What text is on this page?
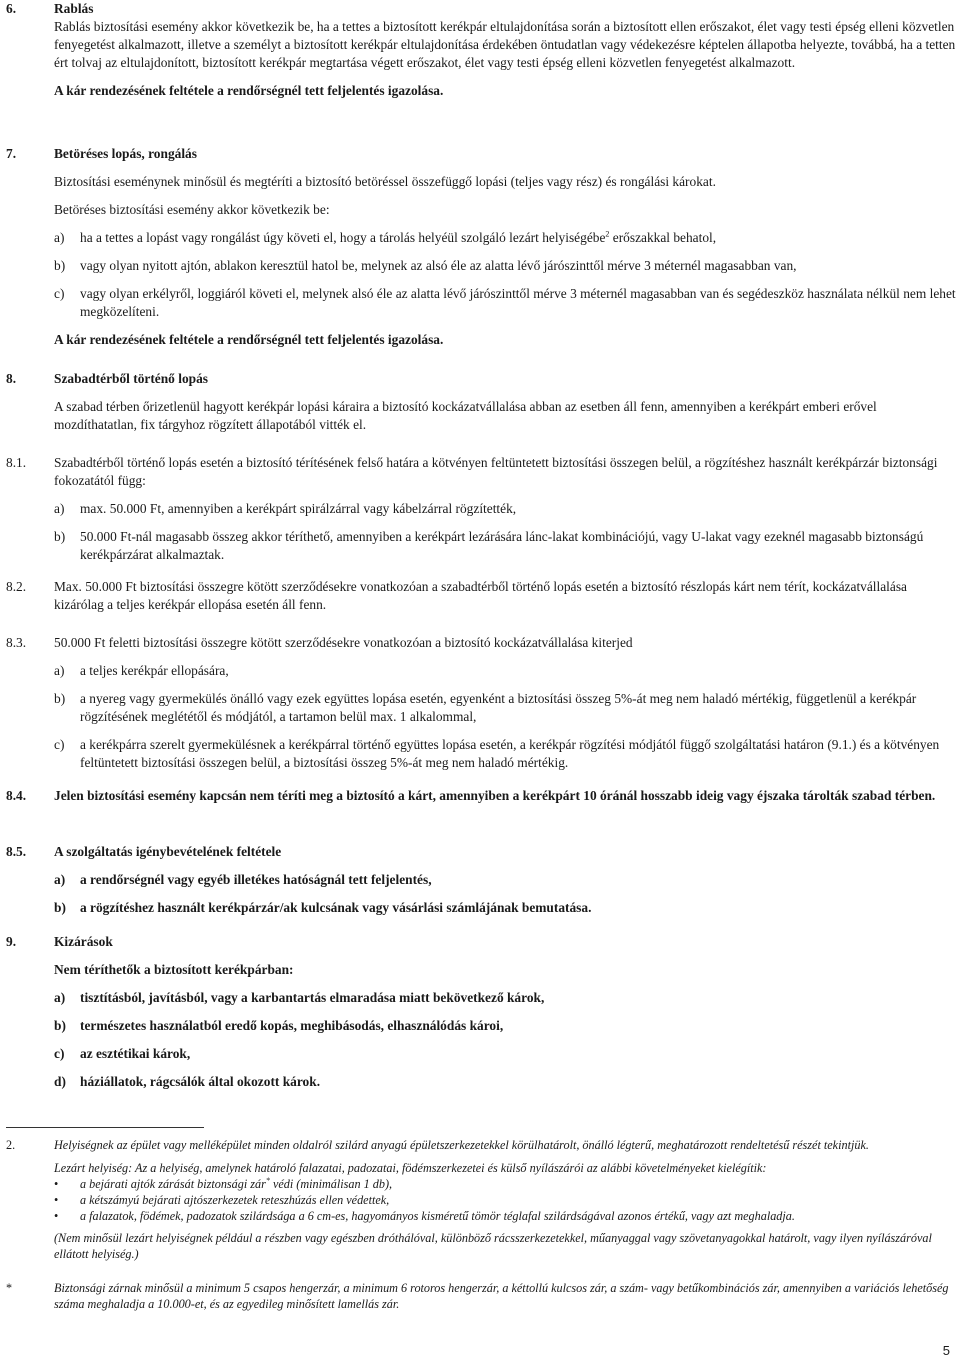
6.	Rablás

Rablás biztosítási esemény akkor következik be, ha a tettes a biztosított kerékpár eltulajdonítása során a biztosított ellen erőszakot, élet vagy testi épség elleni közvetlen fenyegetést alkalmazott, illetve a személyt a biztosított kerékpár eltulajdonítása érdekében öntudatlan vagy védekezésre képtelen állapotba helyezte, továbbá, ha a tetten ért tolvaj az eltulajdonított, biztosított kerékpár megtartása végett erőszakot, élet vagy testi épség elleni közvetlen fenyegetést alkalmazott.

A kár rendezésének feltétele a rendőrségnél tett feljelentés igazolása.
7.	Betöréses lopás, rongálás

Biztosítási eseménynek minősül és megtéríti a biztosító betöréssel összefüggő lopási (teljes vagy rész) és rongálási károkat.

Betöréses biztosítási esemény akkor következik be:

a)	ha a tettes a lopást vagy rongálást úgy követi el, hogy a tárolás helyéül szolgáló lezárt helyiségébe$^2$ erőszakkal behatol,
b)	vagy olyan nyitott ajtón, ablakon keresztül hatol be, melynek az alsó éle az alatta lévő járószinttől mérve 3 méternél magasabban van,
c)	vagy olyan erkélyről, loggiáról követi el, melynek alsó éle az alatta lévő járószinttől mérve 3 méternél magasabban van és segédeszköz használata nélkül nem lehet megközelíteni.
A kár rendezésének feltétele a rendőrségnél tett feljelentés igazolása.
8.	Szabadtérből történő lopás

A szabad térben őrizetlenül hagyott kerékpár lopási káraira a biztosító kockázatvállalása abban az esetben áll fenn, amennyiben a kerékpárt emberi erővel mozdíthatatlan, fix tárgyhoz rögzített állapotából vitték el.

8.1.	Szabadtérből történő lopás esetén a biztosító térítésének felső határa a kötvényen feltüntetett biztosítási összegen belül, a rögzítéshez használt kerékpárzár biztonsági fokozatától függ:

a)	max. 50.000 Ft, amennyiben a kerékpárt spirálzárral vagy kábelzárral rögzítették,
b)	50.000 Ft-nál magasabb összeg akkor téríthető, amennyiben a kerékpárt lezárására lánc-lakat kombinációjú, vagy U-lakat vagy ezeknél magasabb biztonságú kerékpárzárat alkalmaztak.
8.2.	Max. 50.000 Ft biztosítási összegre kötött szerződésekre vonatkozóan a szabadtérből történő lopás esetén a biztosító részlopás kárt nem térít, kockázatvállalása kizárólag a teljes kerékpár ellopása esetén áll fenn.

8.3.	50.000 Ft feletti biztosítási összegre kötött szerződésekre vonatkozóan a biztosító kockázatvállalása kiterjed

a)	a teljes kerékpár ellopására,
b)	a nyereg vagy gyermekülés önálló vagy ezek együttes lopása esetén, egyenként a biztosítási összeg 5%-át meg nem haladó mértékig, függetlenül a kerékpár rögzítésének meglététől és módjától, a tartamon belül max. 1 alkalommal,
c)	a kerékpárra szerelt gyermekülésnek a kerékpárral történő együttes lopása esetén, a kerékpár rögzítési módjától függő szolgáltatási határon (9.1.) és a kötvényen feltüntetett biztosítási összegen belül, a biztosítási összeg 5%-át meg nem haladó mértékig.
8.4.	Jelen biztosítási esemény kapcsán nem téríti meg a biztosító a kárt, amennyiben a kerékpárt 10 óránál hosszabb ideig vagy éjszaka tárolták szabad térben.

8.5.	A szolgáltatás igénybevételének feltétele
a)	a rendőrségnél vagy egyéb illetékes hatóságnál tett feljelentés,
b)	a rögzítéshez használt kerékpárzár/ak kulcsának vagy vásárlási számlájának bemutatása.
9.	Kizárások
Nem téríthetők a biztosított kerékpárban:
a)	tisztításból, javításból, vagy a karbantartás elmaradása miatt bekövetkező károk,
b)	természetes használatból eredő kopás, meghibásodás, elhasználódás károi,
c)	az esztétikai károk,
d)	háziállatok, rágcsálók által okozott károk.
2.	Helyiségnek az épület vagy melléképület minden oldalról szilárd anyagú épületszerkezetekkel körülhatárolt, önálló légterű, meghatározott rendeltetésű részét tekintjük.

Lezárt helyiség: Az a helyiség, amelynek határoló falazatai, padozatai, födémszerkezetei és külső nyílászárói az alábbi követelményeket kielégítik:

•	a bejárati ajtók zárását biztonsági zár* védi (minimálisan 1 db),
•	a kétszámyú bejárati ajtószerkezetek reteszhúzás ellen védettek,
•	a falazatok, födémek, padozatok szilárdsága a 6 cm-es, hagyományos kisméretű tömör téglafal szilárdságával azonos értékű, vagy azt meghaladja.

(Nem minősül lezárt helyiségnek például a részben vagy egészben dróthálóval, különböző rácsszerkezetekkel, műanyaggal vagy szövetanyagokkal határolt, vagy ilyen nyílászáróval ellátott helyiség.)

*	Biztonsági zárnak minősül a minimum 5 csapos hengerzár, a minimum 6 rotoros hengerzár, a kéttollú kulcsos zár, a szám- vagy betűkombinációs zár, amennyiben a variációs lehetőség száma meghaladja a 10.000-et, és az egyedileg minősített lamellás zár.

5
